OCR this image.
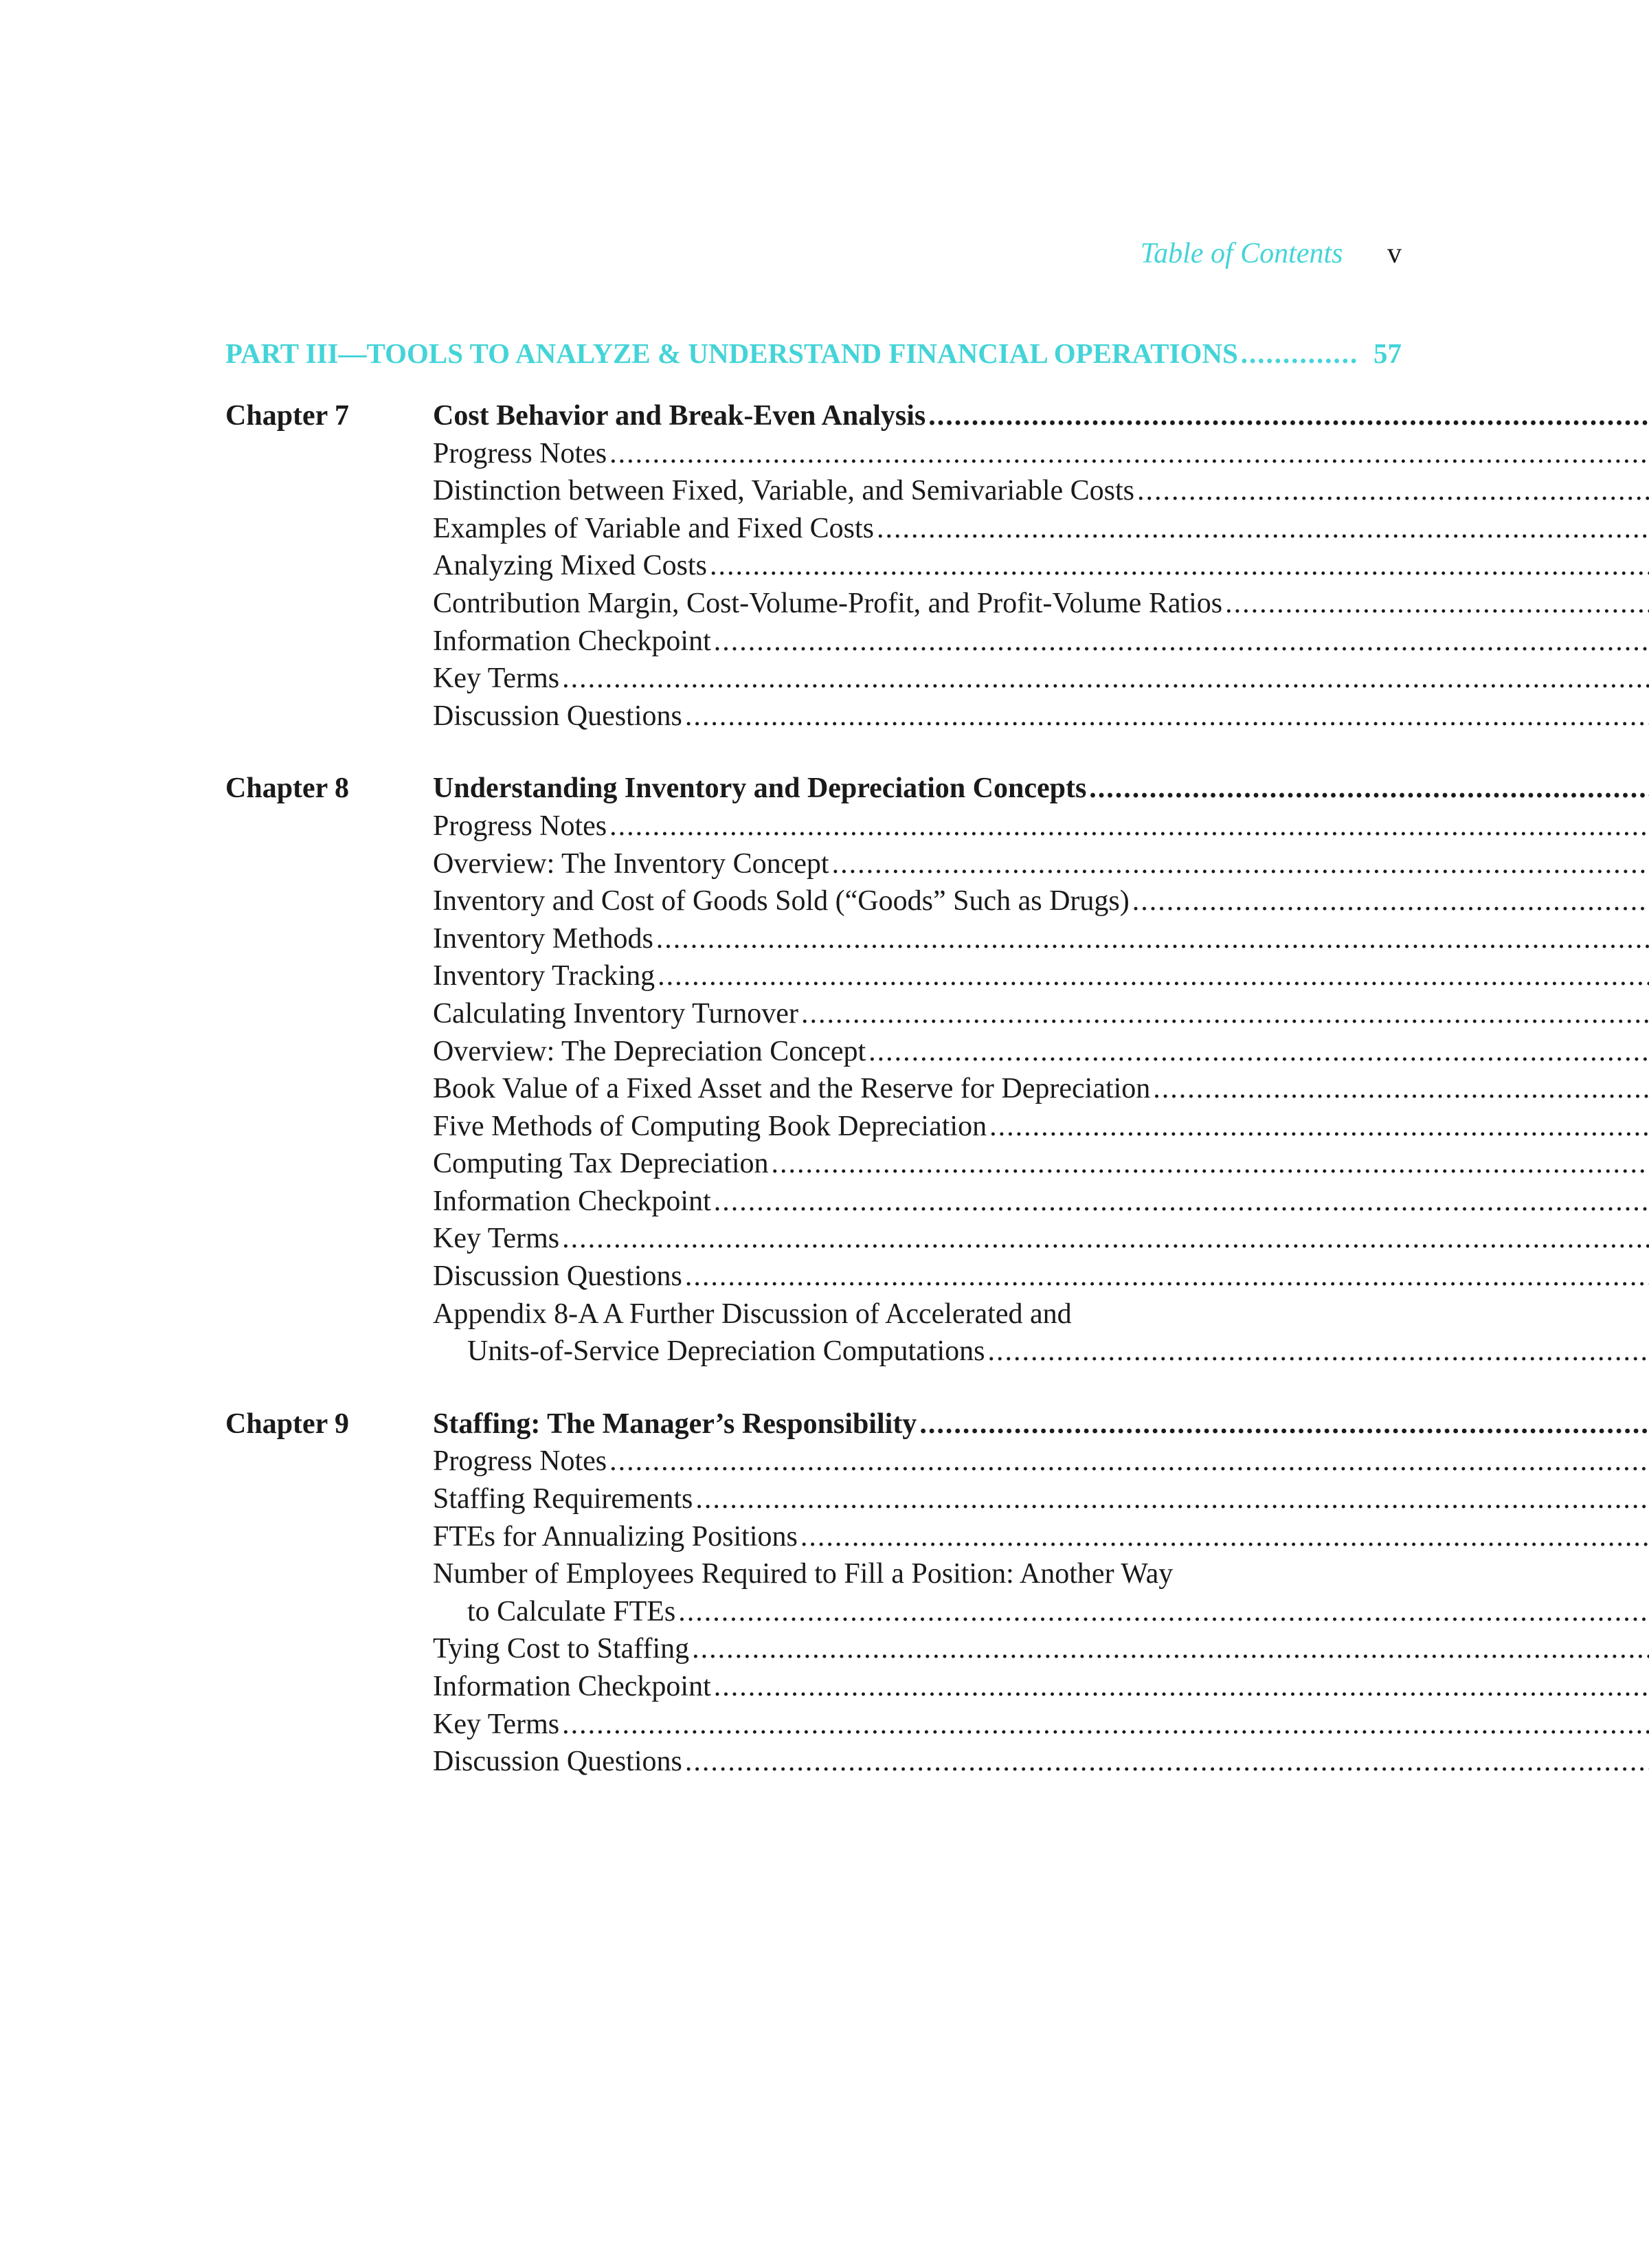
Table of Contents v
PART III—TOOLS TO ANALYZE & UNDERSTAND FINANCIAL OPERATIONS
.....	57
Chapter 7	Cost Behavior and Break-Even Analysis
.....
Progress Notes
.....
Distinction between Fixed, Variable, and Semivariable Costs
.....
Examples of Variable and Fixed Costs
.....
Analyzing Mixed Costs
.....
Contribution Margin, Cost-Volume-Profit, and Profit-Volume Ratios
.....
Information Checkpoint
.....
Key Terms
.....
Discussion Questions
.....
Chapter 8	Understanding Inventory and Depreciation Concepts
.....
Progress Notes
.....
Overview: The Inventory Concept
.....
Inventory and Cost of Goods Sold (“Goods” Such as Drugs)
.....
Inventory Methods
.....
Inventory Tracking
.....
Calculating Inventory Turnover
.....
Overview: The Depreciation Concept
.....
Book Value of a Fixed Asset and the Reserve for Depreciation
.....
Five Methods of Computing Book Depreciation
.....
Computing Tax Depreciation
.....
Information Checkpoint
.....
Key Terms
.....
Discussion Questions
.....
Appendix 8-A A Further Discussion of Accelerated and
Units-of-Service Depreciation Computations
.....
Chapter 9	Staffing: The Manager’s Responsibility
.....
Progress Notes
.....
Staffing Requirements
.....
FTEs for Annualizing Positions
.....
Number of Employees Required to Fill a Position: Another Way
to Calculate FTEs
.....
Tying Cost to Staffing
.....
Information Checkpoint
.....
Key Terms
.....
Discussion Questions
.....
